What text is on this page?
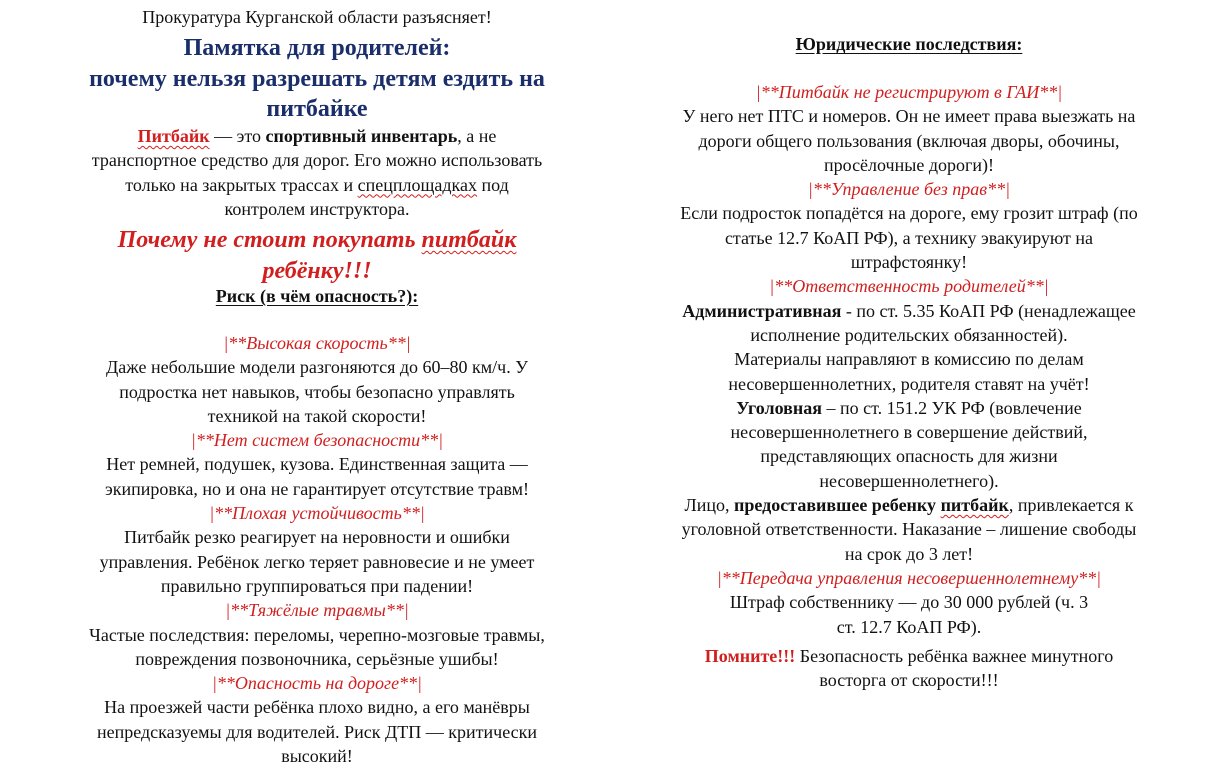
Прокуратура Курганской области разъясняет!

Памятка для родителей:

почему нельзя разрешать детям ездить на

питбайке

Питбайк — это спортивный инвентарь, а не

транспортное средство для дорог. Его можно использовать

только на закрытых трассах и спецплощадках под

контролем инструктора.

Почему не стоит покупать питбайк

ребёнку!!!

Риск (в чём опасность?):

|**Высокая скорость**|

Даже небольшие модели разгоняются до 60–80 км/ч. У

подростка нет навыков, чтобы безопасно управлять

техникой на такой скорости!

|**Нет систем безопасности**|

Нет ремней, подушек, кузова. Единственная защита —

экипировка, но и она не гарантирует отсутствие травм!

|**Плохая устойчивость**|

Питбайк резко реагирует на неровности и ошибки

управления. Ребёнок легко теряет равновесие и не умеет

правильно группироваться при падении!

|**Тяжёлые травмы**|

Частые последствия: переломы, черепно-мозговые травмы,

повреждения позвоночника, серьёзные ушибы!

|**Опасность на дороге**|

На проезжей части ребёнка плохо видно, а его манёвры

непредсказуемы для водителей. Риск ДТП — критически

высокий!

Юридические последствия:

|**Питбайк не регистрируют в ГАИ**|

У него нет ПТС и номеров. Он не имеет права выезжать на

дороги общего пользования (включая дворы, обочины,

просёлочные дороги)!

|**Управление без прав**|

Если подросток попадётся на дороге, ему грозит штраф (по

статье 12.7 КоАП РФ), а технику эвакуируют на

штрафстоянку!

|**Ответственность родителей**|

Административная - по ст. 5.35 КоАП РФ (ненадлежащее

исполнение родительских обязанностей).

Материалы направляют в комиссию по делам

несовершеннолетних, родителя ставят на учёт!

Уголовная – по ст. 151.2 УК РФ (вовлечение

несовершеннолетнего в совершение действий,

представляющих опасность для жизни

несовершеннолетнего).

Лицо, предоставившее ребенку питбайк, привлекается к

уголовной ответственности. Наказание – лишение свободы

на срок до 3 лет!

|**Передача управления несовершеннолетнему**|

Штраф собственнику — до 30 000 рублей (ч. 3

ст. 12.7 КоАП РФ).

Помните!!! Безопасность ребёнка важнее минутного

восторга от скорости!!!
